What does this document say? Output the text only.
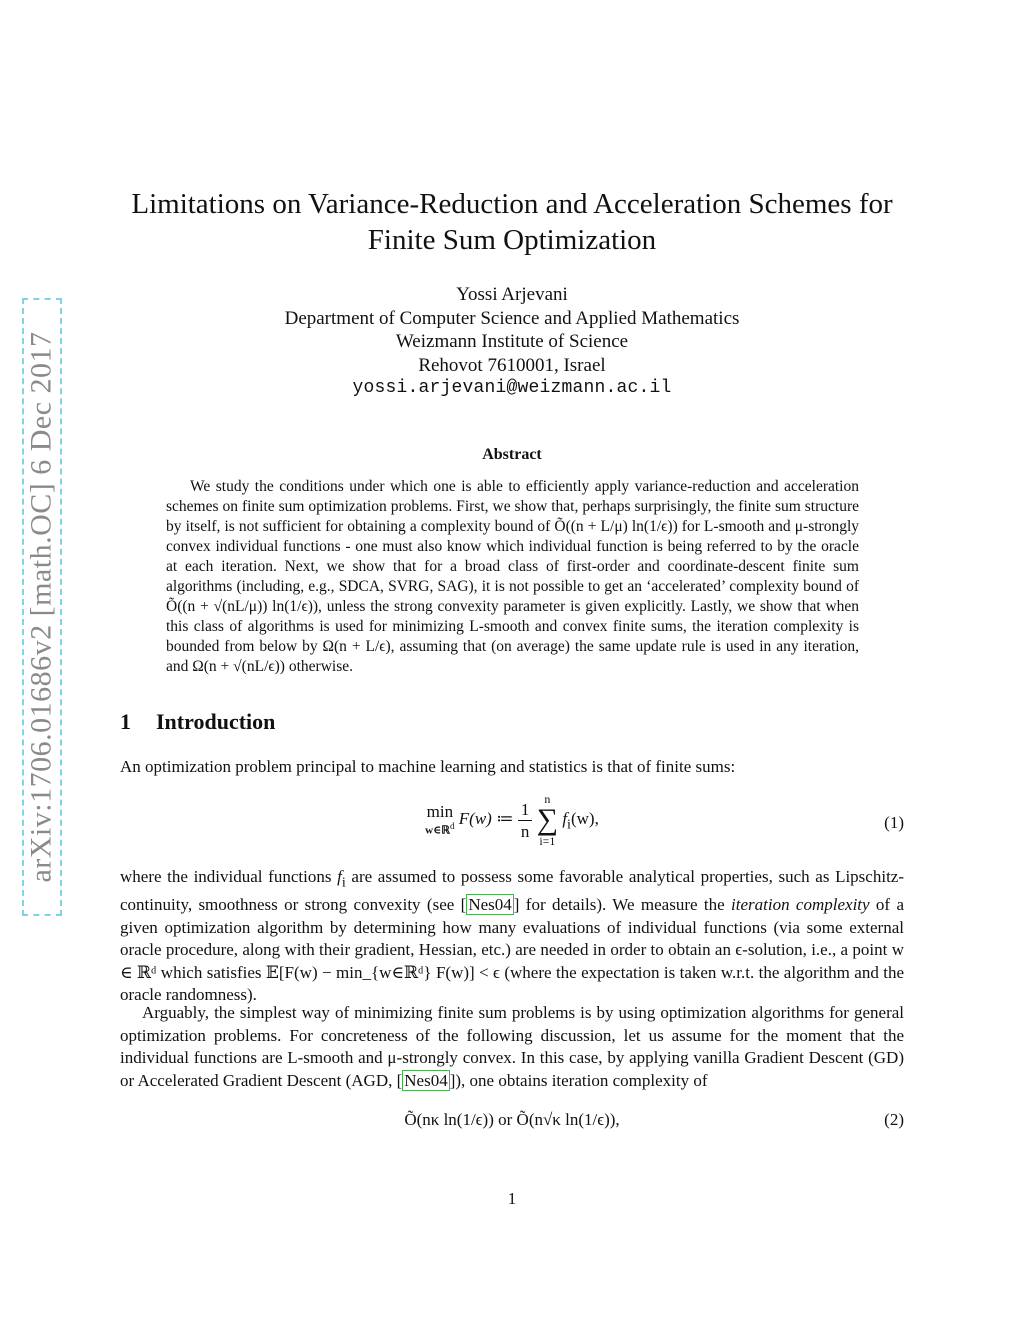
arXiv:1706.01686v2 [math.OC] 6 Dec 2017
Limitations on Variance-Reduction and Acceleration Schemes for
Finite Sum Optimization
Yossi Arjevani
Department of Computer Science and Applied Mathematics
Weizmann Institute of Science
Rehovot 7610001, Israel
yossi.arjevani@weizmann.ac.il
Abstract

We study the conditions under which one is able to efficiently apply variance-reduction and acceleration schemes on finite sum optimization problems. First, we show that, perhaps surprisingly, the finite sum structure by itself, is not sufficient for obtaining a complexity bound of Õ((n + L/μ) ln(1/ϵ)) for L-smooth and μ-strongly convex individual functions - one must also know which individual function is being referred to by the oracle at each iteration. Next, we show that for a broad class of first-order and coordinate-descent finite sum algorithms (including, e.g., SDCA, SVRG, SAG), it is not possible to get an ‘accelerated’ complexity bound of Õ((n + √(nL/μ)) ln(1/ϵ)), unless the strong convexity parameter is given explicitly. Lastly, we show that when this class of algorithms is used for minimizing L-smooth and convex finite sums, the iteration complexity is bounded from below by Ω(n + L/ϵ), assuming that (on average) the same update rule is used in any iteration, and Ω(n + √(nL/ϵ)) otherwise.

1 Introduction

An optimization problem principal to machine learning and statistics is that of finite sums:

min
w∈ℝ$^d$ F(w) ≔ $\frac{1}{n}$

n
∑
i=1
$f_i(w)$,	(1)

where the individual functions $f_i$ are assumed to possess some favorable analytical properties, such as Lipschitz-continuity, smoothness or strong convexity (see [ Nes04 ] for details). We measure the iteration complexity of a given optimization algorithm by determining how many evaluations of individual functions (via some external oracle procedure, along with their gradient, Hessian, etc.) are needed in order to obtain an ϵ-solution, i.e., a point w ∈ ℝᵈ which satisfies 𝔼[F(w) − min_{w∈ℝᵈ} F(w)] < ϵ (where the expectation is taken w.r.t. the algorithm and the oracle randomness).

Arguably, the simplest way of minimizing finite sum problems is by using optimization algorithms for general optimization problems. For concreteness of the following discussion, let us assume for the moment that the individual functions are L-smooth and μ-strongly convex. In this case, by applying vanilla Gradient Descent (GD) or Accelerated Gradient Descent (AGD, [ Nes04 ]), one obtains iteration complexity of

Õ(nκ ln(1/ϵ)) or Õ(n√κ ln(1/ϵ)),	(2)
1
